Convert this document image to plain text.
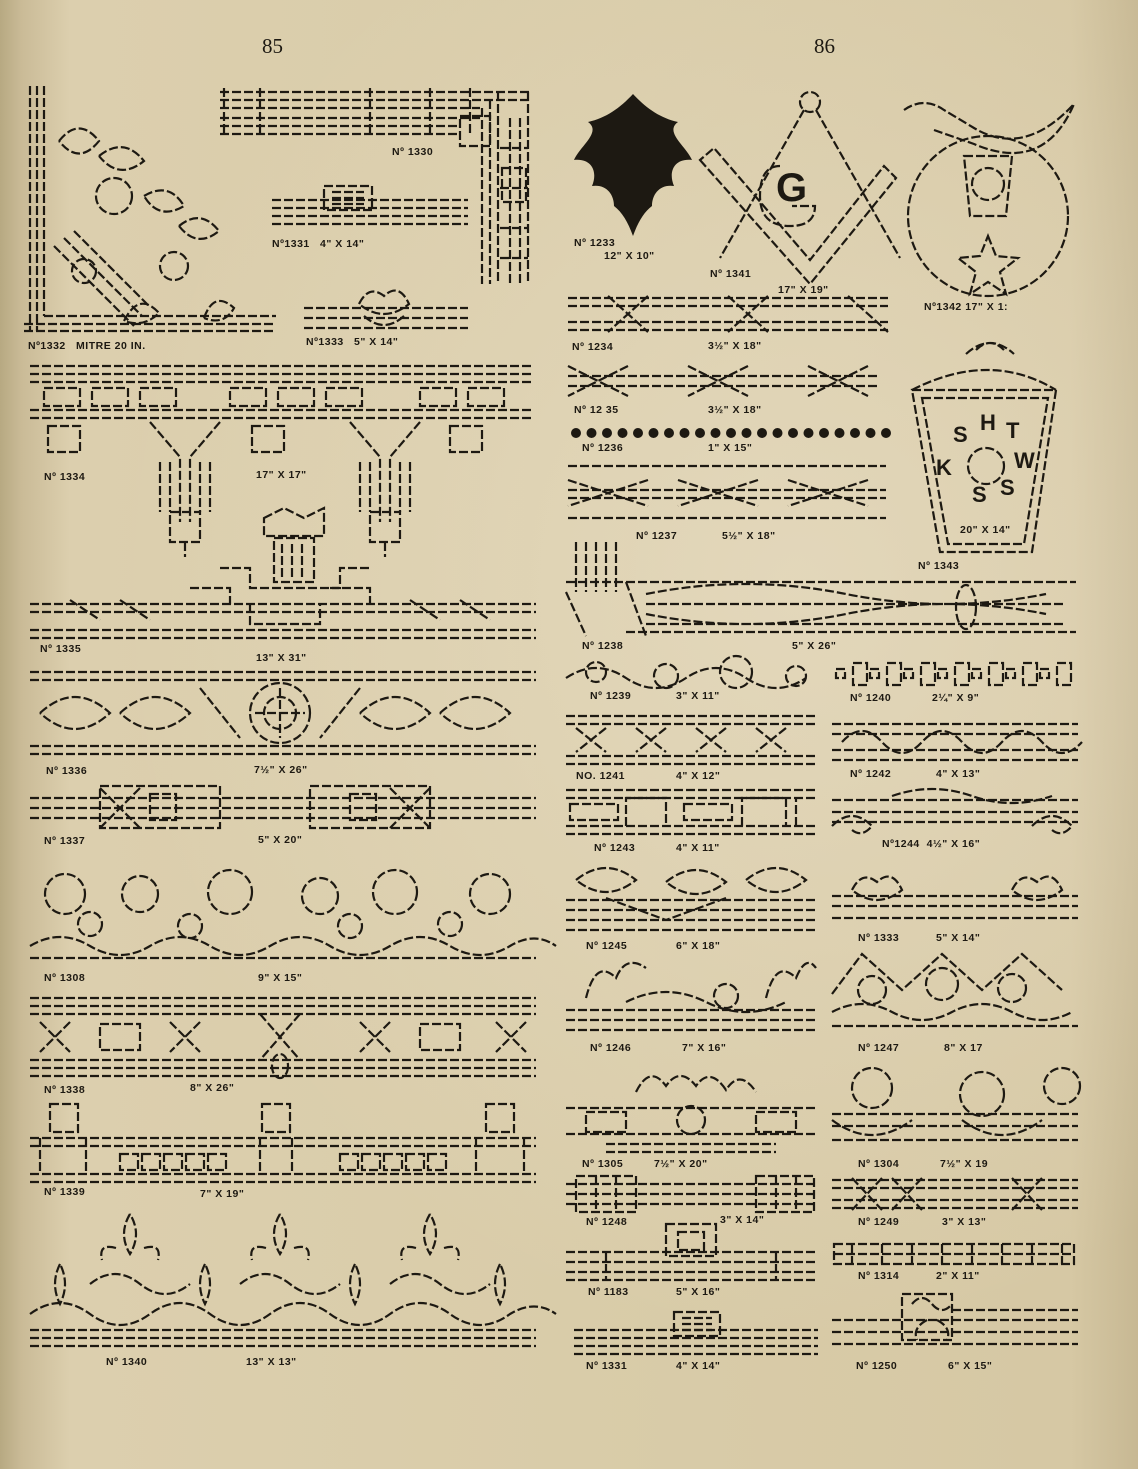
85	86
Nº1332 MITRE 20 IN.
Nº 1330
Nº1331 4" X 14"
Nº1333 5" X 14"
Nº 1334	17" X 17"
Nº 1335
13" X 31"
Nº 1336	7½" X 26"
Nº 1337	5" X 20"
Nº 1308	9" X 15"
Nº 1338	8" X 26"
Nº 1339	7" X 19"
Nº 1340	13" X 13"
Nº 1233
12" X 10"
G
Nº 1341
17" X 19"
Nº1342 17" X 1:
Nº 1234	3½" X 18"
Nº 12 35	3½" X 18"
Nº 1236	1" X 15"
Nº 1237	5½" X 18"
K
S H T
W
S
S
20" X 14"
Nº 1343
Nº 1238	5" X 26"
Nº 1239	3" X 11"	Nº 1240	2¼" X 9"
NO. 1241	4" X 12"	Nº 1242	4" X 13"
Nº 1243	4" X 11"	Nº1244 4½" X 16"
Nº 1245	6" X 18"
Nº 1333	5" X 14"
Nº 1246	7" X 16"	Nº 1247	8" X 17
Nº 1305	7½" X 20"	Nº 1304	7½" X 19
Nº 1248	3" X 14"	Nº 1249	3" X 13"
Nº 1183	5" X 16"
Nº 1314	2" X 11"
Nº 1331	4" X 14"	Nº 1250	6" X 15"
